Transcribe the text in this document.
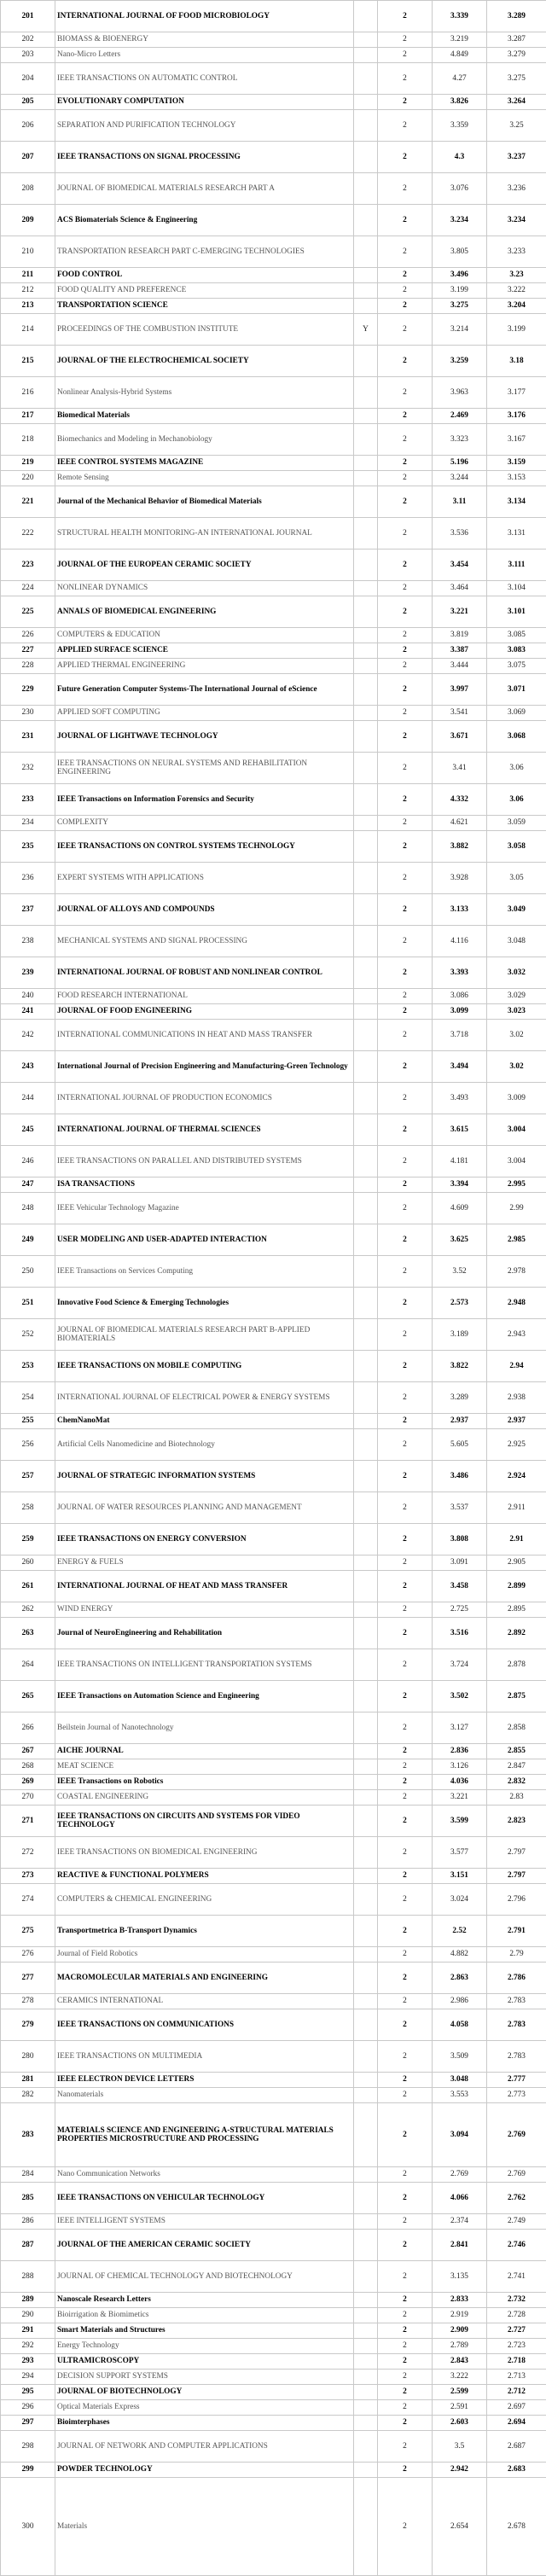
201	INTERNATIONAL JOURNAL OF FOOD MICROBIOLOGY		2	3.339	3.289
202	BIOMASS & BIOENERGY		2	3.219	3.287
203	Nano-Micro Letters		2	4.849	3.279
204	IEEE TRANSACTIONS ON AUTOMATIC CONTROL		2	4.27	3.275
205	EVOLUTIONARY COMPUTATION		2	3.826	3.264
206	SEPARATION AND PURIFICATION TECHNOLOGY		2	3.359	3.25
207	IEEE TRANSACTIONS ON SIGNAL PROCESSING		2	4.3	3.237
208	JOURNAL OF BIOMEDICAL MATERIALS RESEARCH PART A		2	3.076	3.236
209	ACS Biomaterials Science & Engineering		2	3.234	3.234
210	TRANSPORTATION RESEARCH PART C-EMERGING TECHNOLOGIES		2	3.805	3.233
211	FOOD CONTROL		2	3.496	3.23
212	FOOD QUALITY AND PREFERENCE		2	3.199	3.222
213	TRANSPORTATION SCIENCE		2	3.275	3.204
214	PROCEEDINGS OF THE COMBUSTION INSTITUTE	Y	2	3.214	3.199
215	JOURNAL OF THE ELECTROCHEMICAL SOCIETY		2	3.259	3.18
216	Nonlinear Analysis-Hybrid Systems		2	3.963	3.177
217	Biomedical Materials		2	2.469	3.176
218	Biomechanics and Modeling in Mechanobiology		2	3.323	3.167
219	IEEE CONTROL SYSTEMS MAGAZINE		2	5.196	3.159
220	Remote Sensing		2	3.244	3.153
221	Journal of the Mechanical Behavior of Biomedical Materials		2	3.11	3.134
222	STRUCTURAL HEALTH MONITORING-AN INTERNATIONAL JOURNAL		2	3.536	3.131
223	JOURNAL OF THE EUROPEAN CERAMIC SOCIETY		2	3.454	3.111
224	NONLINEAR DYNAMICS		2	3.464	3.104
225	ANNALS OF BIOMEDICAL ENGINEERING		2	3.221	3.101
226	COMPUTERS & EDUCATION		2	3.819	3.085
227	APPLIED SURFACE SCIENCE		2	3.387	3.083
228	APPLIED THERMAL ENGINEERING		2	3.444	3.075
229	Future Generation Computer Systems-The International Journal of eScience		2	3.997	3.071
230	APPLIED SOFT COMPUTING		2	3.541	3.069
231	JOURNAL OF LIGHTWAVE TECHNOLOGY		2	3.671	3.068
232	IEEE TRANSACTIONS ON NEURAL SYSTEMS AND REHABILITATION ENGINEERING		2	3.41	3.06
233	IEEE Transactions on Information Forensics and Security		2	4.332	3.06
234	COMPLEXITY		2	4.621	3.059
235	IEEE TRANSACTIONS ON CONTROL SYSTEMS TECHNOLOGY		2	3.882	3.058
236	EXPERT SYSTEMS WITH APPLICATIONS		2	3.928	3.05
237	JOURNAL OF ALLOYS AND COMPOUNDS		2	3.133	3.049
238	MECHANICAL SYSTEMS AND SIGNAL PROCESSING		2	4.116	3.048
239	INTERNATIONAL JOURNAL OF ROBUST AND NONLINEAR CONTROL		2	3.393	3.032
240	FOOD RESEARCH INTERNATIONAL		2	3.086	3.029
241	JOURNAL OF FOOD ENGINEERING		2	3.099	3.023
242	INTERNATIONAL COMMUNICATIONS IN HEAT AND MASS TRANSFER		2	3.718	3.02
243	International Journal of Precision Engineering and Manufacturing-Green Technology		2	3.494	3.02
244	INTERNATIONAL JOURNAL OF PRODUCTION ECONOMICS		2	3.493	3.009
245	INTERNATIONAL JOURNAL OF THERMAL SCIENCES		2	3.615	3.004
246	IEEE TRANSACTIONS ON PARALLEL AND DISTRIBUTED SYSTEMS		2	4.181	3.004
247	ISA TRANSACTIONS		2	3.394	2.995
248	IEEE Vehicular Technology Magazine		2	4.609	2.99
249	USER MODELING AND USER-ADAPTED INTERACTION		2	3.625	2.985
250	IEEE Transactions on Services Computing		2	3.52	2.978
251	Innovative Food Science & Emerging Technologies		2	2.573	2.948
252	JOURNAL OF BIOMEDICAL MATERIALS RESEARCH PART B-APPLIED BIOMATERIALS		2	3.189	2.943
253	IEEE TRANSACTIONS ON MOBILE COMPUTING		2	3.822	2.94
254	INTERNATIONAL JOURNAL OF ELECTRICAL POWER & ENERGY SYSTEMS		2	3.289	2.938
255	ChemNanoMat		2	2.937	2.937
256	Artificial Cells Nanomedicine and Biotechnology		2	5.605	2.925
257	JOURNAL OF STRATEGIC INFORMATION SYSTEMS		2	3.486	2.924
258	JOURNAL OF WATER RESOURCES PLANNING AND MANAGEMENT		2	3.537	2.911
259	IEEE TRANSACTIONS ON ENERGY CONVERSION		2	3.808	2.91
260	ENERGY & FUELS		2	3.091	2.905
261	INTERNATIONAL JOURNAL OF HEAT AND MASS TRANSFER		2	3.458	2.899
262	WIND ENERGY		2	2.725	2.895
263	Journal of NeuroEngineering and Rehabilitation		2	3.516	2.892
264	IEEE TRANSACTIONS ON INTELLIGENT TRANSPORTATION SYSTEMS		2	3.724	2.878
265	IEEE Transactions on Automation Science and Engineering		2	3.502	2.875
266	Beilstein Journal of Nanotechnology		2	3.127	2.858
267	AICHE JOURNAL		2	2.836	2.855
268	MEAT SCIENCE		2	3.126	2.847
269	IEEE Transactions on Robotics		2	4.036	2.832
270	COASTAL ENGINEERING		2	3.221	2.83
271	IEEE TRANSACTIONS ON CIRCUITS AND SYSTEMS FOR VIDEO TECHNOLOGY		2	3.599	2.823
272	IEEE TRANSACTIONS ON BIOMEDICAL ENGINEERING		2	3.577	2.797
273	REACTIVE & FUNCTIONAL POLYMERS		2	3.151	2.797
274	COMPUTERS & CHEMICAL ENGINEERING		2	3.024	2.796
275	Transportmetrica B-Transport Dynamics		2	2.52	2.791
276	Journal of Field Robotics		2	4.882	2.79
277	MACROMOLECULAR MATERIALS AND ENGINEERING		2	2.863	2.786
278	CERAMICS INTERNATIONAL		2	2.986	2.783
279	IEEE TRANSACTIONS ON COMMUNICATIONS		2	4.058	2.783
280	IEEE TRANSACTIONS ON MULTIMEDIA		2	3.509	2.783
281	IEEE ELECTRON DEVICE LETTERS		2	3.048	2.777
282	Nanomaterials		2	3.553	2.773
283	MATERIALS SCIENCE AND ENGINEERING A-STRUCTURAL MATERIALS PROPERTIES MICROSTRUCTURE AND PROCESSING		2	3.094	2.769
284	Nano Communication Networks		2	2.769	2.769
285	IEEE TRANSACTIONS ON VEHICULAR TECHNOLOGY		2	4.066	2.762
286	IEEE INTELLIGENT SYSTEMS		2	2.374	2.749
287	JOURNAL OF THE AMERICAN CERAMIC SOCIETY		2	2.841	2.746
288	JOURNAL OF CHEMICAL TECHNOLOGY AND BIOTECHNOLOGY		2	3.135	2.741
289	Nanoscale Research Letters		2	2.833	2.732
290	Bioirrigation & Biomimetics		2	2.919	2.728
291	Smart Materials and Structures		2	2.909	2.727
292	Energy Technology		2	2.789	2.723
293	ULTRAMICROSCOPY		2	2.843	2.718
294	DECISION SUPPORT SYSTEMS		2	3.222	2.713
295	JOURNAL OF BIOTECHNOLOGY		2	2.599	2.712
296	Optical Materials Express		2	2.591	2.697
297	Bioimterphases		2	2.603	2.694
298	JOURNAL OF NETWORK AND COMPUTER APPLICATIONS		2	3.5	2.687
299	POWDER TECHNOLOGY		2	2.942	2.683
300	Materials		2	2.654	2.678
